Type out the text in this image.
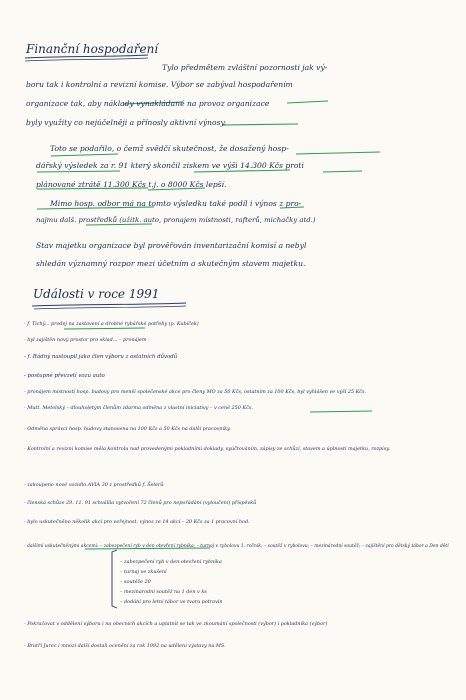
Finanční hospodaření
Tylo předmětem zvláštní pozornosti jak vý-
boru tak i kontrolní a revizní komise. Výbor se zabýval hospodařením
organizace tak, aby náklady vynakládané na provoz organizace
byly využity co nejúčelněji a přínosly aktivní výnosy.
Toto se podařilo, o čemž svědčí skutečnost, že dosažený hosp-
dářský výsledek za r. 91 který skončil ziskem ve výši 14.300 Kčs proti
plánované ztrátě 11.300 Kčs t.j. o 8000 Kčs lepší.
Mimo hosp. odbor má na tomto výsledku také podíl i výnos z pro-
najmu dalš. prostředků (užitk. auto, pronajem místnosti, rafterů, michačky atd.)
Stav majetku organizace byl prověřován inventarizační komisí a nebyl
shledán významný rozpor mezi účetním a skutečným stavem majetku.
Události v roce 1991
- f. Tichý... prodej na zastavení a drobné rybářské potřeby (p. Kubíček)
- byl zajištěn nový prostor pro sklad... – pronájem
- f. Rádný nastoupil jako člen výboru z ostatních důvodů
- postupné převzetí vozu auto
- pronájem místnosti hosp. budovy pro menší společenské akce pro členy MO za 50 Kčs, ostatním za 100 Kčs, byl vyhlášen ve výši 25 Kčs.
- Mutt. Metelský – dlouholetým členům zdarma odměna z vlastní iniciativy – v ceně 250 Kčs.
- Odměna správci hosp. budovy stanovena na 100 Kčs a 50 Kčs na další pracovníky.
- Kontrolní a revizní komise měla kontrolu nad provedenými pokladními doklady, vyúčtováním, zápisy ze schůzí, stavem a úplností majetku, rozpisy.
- zakoupeno nové vozidlo AVIA 30 z prostředků f. Šelerů
- členská schůze 29. 11. 91 schválila vytvoření 72 členů pro nepořádání (vyloučení) příspěvků
- bylo uskutečněno několik akcí pro veřejnost, výnos ze 14 akcí – 20 Kčs za 1 pracovní hod.
- dalšími uskutečněnými akcemi: – zabezpečení ryb v den otevření rybníka; – turnaj v rybolovu 1. ročník; – soutěž v rybolovu; – mezinárodní soutěž; – zajištění pro dětský tábor a Den dětí
– zabezpečení ryb v den otevření rybníka
– turnaj ve zkušení
– soutěže 20
– mezinárodní soutěž na 1 den v ks
– dodání pro letní tábor ve tvaru potravin
- Pokračovat v oddělení výboru i na obecních akcích a uplatnit se tak ve zkoumání společnosti (výbor) i pokladníka (výbor)
- Bratří Jurec i mnozí další dostali ocenění za rok 1992 na udělení výstavy na MS.
